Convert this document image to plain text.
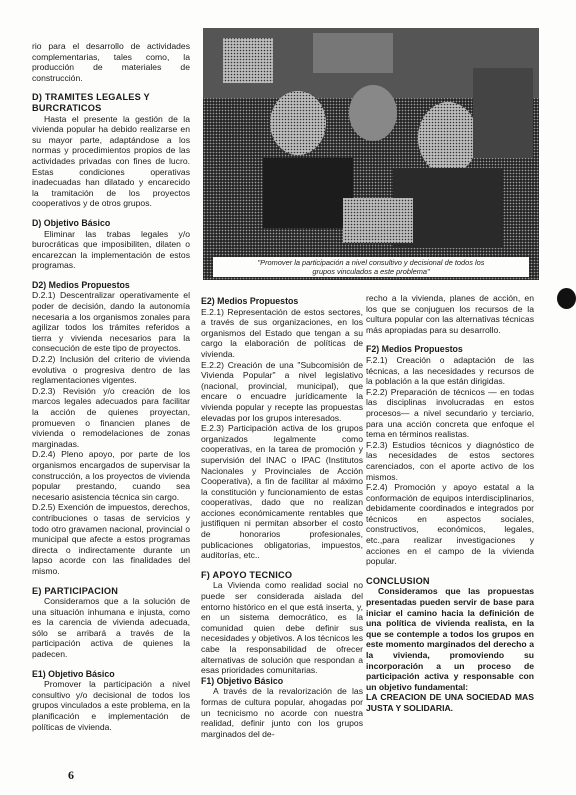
rio para el desarrollo de actividades complementarias, tales como, la producción de materiales de construcción.

D) TRAMITES LEGALES Y BURCRATICOS

Hasta el presente la gestión de la vivienda popular ha debido realizarse en su mayor parte, adaptándose a los normas y procedimientos propios de las actividades privadas con fines de lucro. Estas condiciones operativas inadecuadas han dilatado y encarecido la tramitación de los proyectos cooperativos y de otros grupos.

D) Objetivo Básico

Eliminar las trabas legales y/o burocráticas que imposibiliten, dilaten o encarezcan la implementación de estos programas.

D2) Medios Propuestos

D.2.1) Descentralizar operativamente el poder de decisión, dando la autonomía necesaria a los organismos zonales para agilizar todos los trámites referidos a tierra y vivienda necesarios para la consecución de este tipo de proyectos.

D.2.2) Inclusión del criterio de vivienda evolutiva o progresiva dentro de las reglamentaciones vigentes.

D.2.3) Revisión y/o creación de los marcos legales adecuados para facilitar la acción de quienes proyectan, promueven o financien planes de vivienda o remodelaciones de zonas marginadas.

D.2.4) Pleno apoyo, por parte de los organismos encargados de supervisar la construcción, a los proyectos de vivienda popular prestando, cuando sea necesario asistencia técnica sin cargo.

D.2.5) Exención de impuestos, derechos, contribuciones o tasas de servicios y todo otro gravamen nacional, provincial o municipal que afecte a estos programas directa o indirectamente durante un lapso acorde con las finalidades del mismo.

E) PARTICIPACION

Consideramos que a la solución de una situación inhumana e injusta, como es la carencia de vivienda adecuada, sólo se arribará a través de la participación activa de quienes la padecen.

E1) Objetivo Básico

Promover la participación a nivel consultivo y/o decisional de todos los grupos vinculados a este problema, en la planificación e implementación de políticas de vivienda.

6
"Promover la participación a nivel consultivo y decisional de todos los
grupos vinculados a este problema"
E2) Medios Propuestos

E.2.1) Representación de estos sectores, a través de sus organizaciones, en los organismos del Estado que tengan a su cargo la elaboración de políticas de vivienda.

E.2.2) Creación de una "Subcomisión de Vivienda Popular" a nivel legislativo (nacional, provincial, municipal), que encare o encuadre jurídicamente la vivienda popular y recepte las propuestas elevadas por los grupos interesados.

E.2.3) Participación activa de los grupos organizados legalmente como cooperativas, en la tarea de promoción y supervisión del INAC o IPAC (Institutos Nacionales y Provinciales de Acción Cooperativa), a fin de facilitar al máximo la constitución y funcionamiento de estas cooperativas, dado que no realizan acciones económicamente rentables que justifiquen ni permitan absorber el costo de honorarios profesionales, publicaciones obligatorias, impuestos, auditorías, etc..

F) APOYO TECNICO

La Vivienda como realidad social no puede ser considerada aislada del entorno histórico en el que está inserta, y, en un sistema democrático, es la comunidad quien debe definir sus necesidades y objetivos. A los técnicos les cabe la responsabilidad de ofrecer alternativas de solución que respondan a esas prioridades comunitarias.

F1) Objetivo Básico

A través de la revalorización de las formas de cultura popular, ahogadas por un tecnicismo no acorde con nuestra realidad, definir junto con los grupos marginados del de-

recho a la vivienda, planes de acción, en los que se conjuguen los recursos de la cultura popular con las alternativas técnicas más apropiadas para su desarrollo.

F2) Medios Propuestos

F.2.1) Creación o adaptación de las técnicas, a las necesidades y recursos de la población a la que están dirigidas.

F.2.2) Preparación de técnicos — en todas las disciplinas involucradas en estos procesos— a nivel secundario y terciario, para una acción concreta que enfoque el tema en términos realistas.

F.2.3) Estudios técnicos y diagnóstico de las necesidades de estos sectores carenciados, con el aporte activo de los mismos.

F.2.4) Promoción y apoyo estatal a la conformación de equipos interdisciplinarios, debidamente coordinados e integrados por técnicos en aspectos sociales, constructivos, económicos, legales, etc.,para realizar investigaciones y acciones en el campo de la vivienda popular.

CONCLUSION

Consideramos que las propuestas presentadas pueden servir de base para iniciar el camino hacia la definición de una política de vivienda realista, en la que se contemple a todos los grupos en este momento marginados del derecho a la vivienda, promoviendo su incorporación a un proceso de participación activa y responsable con un objetivo fundamental:

LA CREACION DE UNA SOCIEDAD MAS JUSTA Y SOLIDARIA.
